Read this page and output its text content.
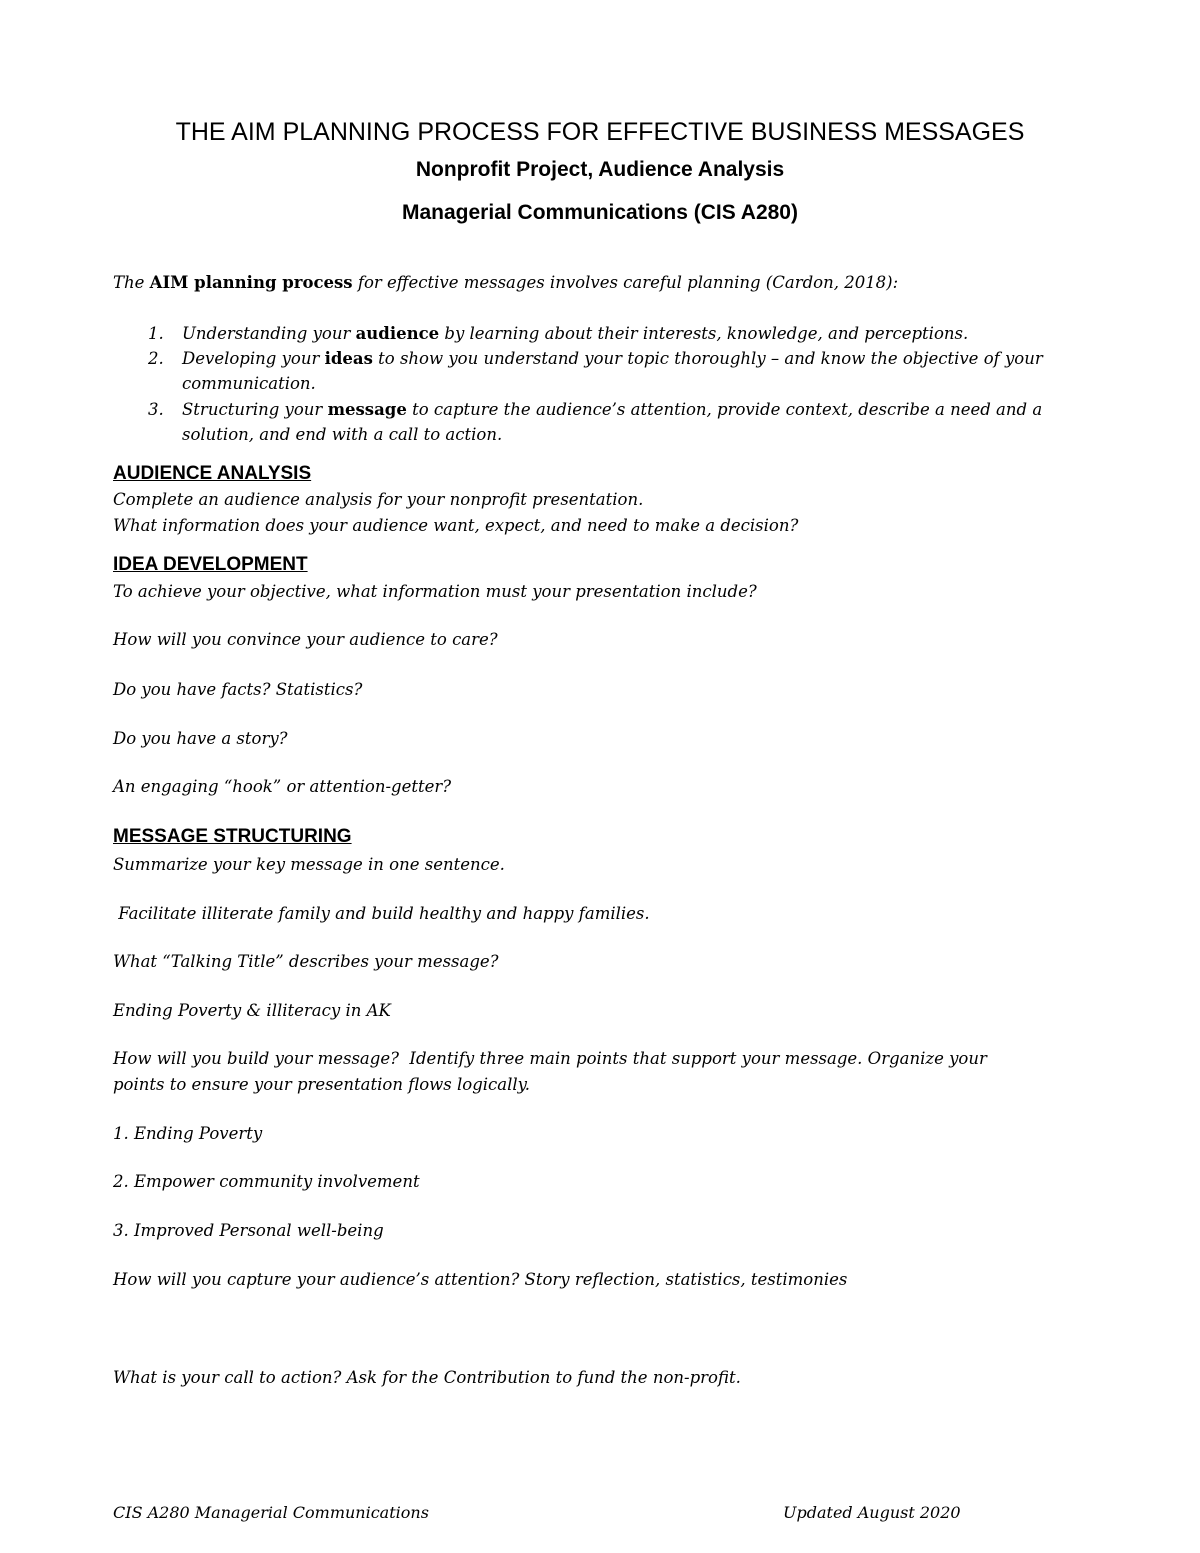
THE AIM PLANNING PROCESS FOR EFFECTIVE BUSINESS MESSAGES
Nonprofit Project, Audience Analysis
Managerial Communications (CIS A280)
The AIM planning process for effective messages involves careful planning (Cardon, 2018):
1. Understanding your audience by learning about their interests, knowledge, and perceptions.
2. Developing your ideas to show you understand your topic thoroughly – and know the objective of your communication.
3. Structuring your message to capture the audience’s attention, provide context, describe a need and a solution, and end with a call to action.
AUDIENCE ANALYSIS
Complete an audience analysis for your nonprofit presentation.
What information does your audience want, expect, and need to make a decision?
IDEA DEVELOPMENT
To achieve your objective, what information must your presentation include?
How will you convince your audience to care?
Do you have facts? Statistics?
Do you have a story?
An engaging “hook” or attention-getter?
MESSAGE STRUCTURING
Summarize your key message in one sentence.
Facilitate illiterate family and build healthy and happy families.
What “Talking Title” describes your message?
Ending Poverty & illiteracy in AK
How will you build your message?  Identify three main points that support your message. Organize your
points to ensure your presentation flows logically.
1. Ending Poverty
2. Empower community involvement
3. Improved Personal well-being
How will you capture your audience’s attention? Story reflection, statistics, testimonies
What is your call to action? Ask for the Contribution to fund the non-profit.
CIS A280 Managerial Communications	Updated August 2020
